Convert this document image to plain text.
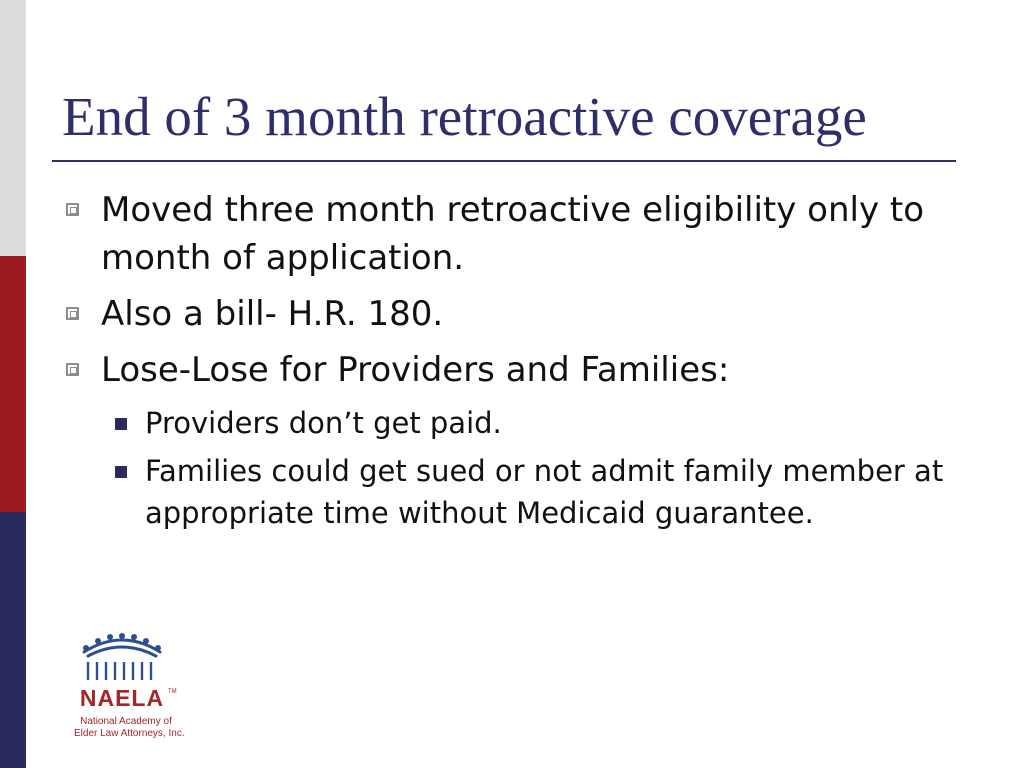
End of 3 month retroactive coverage
Moved three month retroactive eligibility only to month of application.
Also a bill- H.R. 180.
Lose-Lose for Providers and Families:
Providers don’t get paid.
Families could get sued or not admit family member at appropriate time without Medicaid guarantee.
NAELA TM
National Academy of
Elder Law Attorneys, Inc.
